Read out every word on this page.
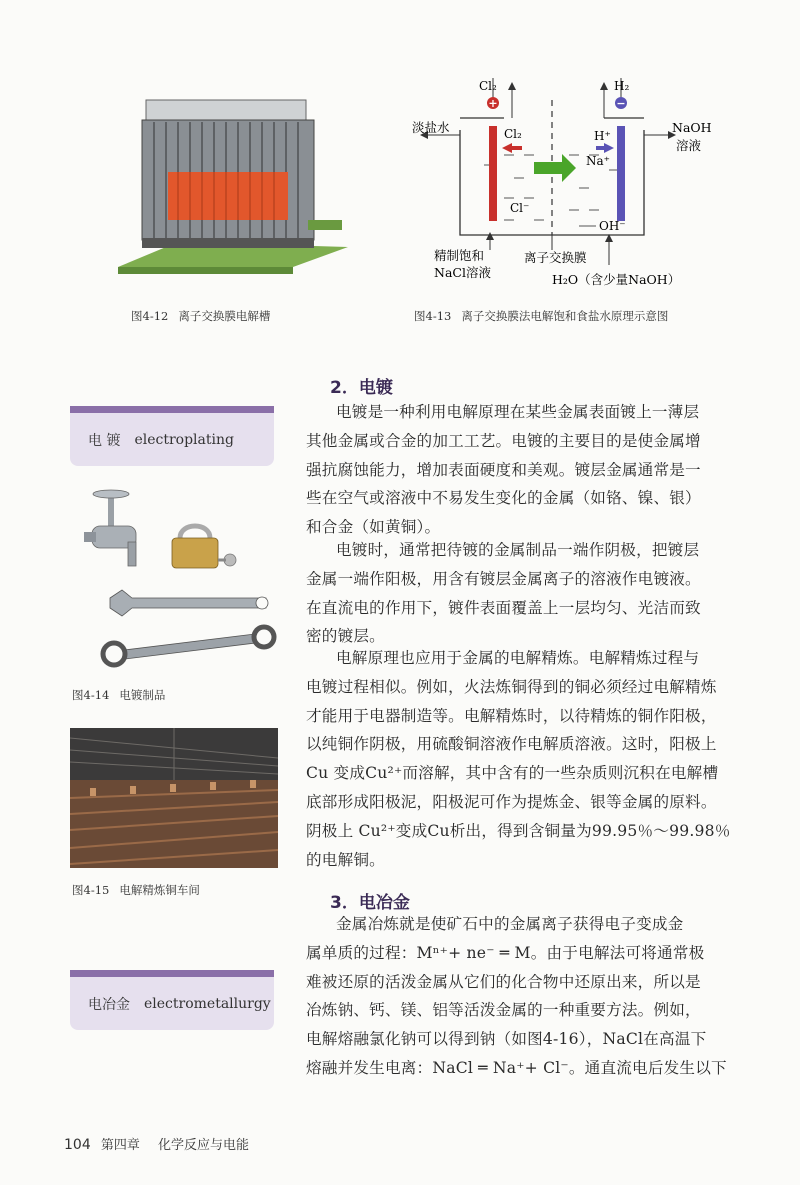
图4-12 离子交换膜电解槽
+	−
Cl₂	H₂
淡盐水	NaOH
溶液
Cl₂	H⁺
Na⁺
Cl⁻
OH⁻
精制饱和
NaCl溶液
离子交换膜
H₂O（含少量NaOH）
图4-13 离子交换膜法电解饱和食盐水原理示意图
电 镀 electroplating
图4-14 电镀制品
图4-15 电解精炼铜车间
电冶金 electrometallurgy
2．电镀
电镀是一种利用电解原理在某些金属表面镀上一薄层
其他金属或合金的加工工艺。电镀的主要目的是使金属增
强抗腐蚀能力，增加表面硬度和美观。镀层金属通常是一
些在空气或溶液中不易发生变化的金属（如铬、镍、银）
和合金（如黄铜）。
电镀时，通常把待镀的金属制品一端作阴极，把镀层
金属一端作阳极，用含有镀层金属离子的溶液作电镀液。
在直流电的作用下，镀件表面覆盖上一层均匀、光洁而致
密的镀层。
电解原理也应用于金属的电解精炼。电解精炼过程与
电镀过程相似。例如，火法炼铜得到的铜必须经过电解精炼
才能用于电器制造等。电解精炼时，以待精炼的铜作阳极，
以纯铜作阴极，用硫酸铜溶液作电解质溶液。这时，阳极上
Cu 变成Cu²⁺而溶解，其中含有的一些杂质则沉积在电解槽
底部形成阳极泥，阳极泥可作为提炼金、银等金属的原料。
阴极上 Cu²⁺变成Cu析出，得到含铜量为99.95％～99.98％
的电解铜。
3．电冶金
金属冶炼就是使矿石中的金属离子获得电子变成金
属单质的过程：Mⁿ⁺+ ne⁻ ═ M。由于电解法可将通常极
难被还原的活泼金属从它们的化合物中还原出来，所以是
冶炼钠、钙、镁、铝等活泼金属的一种重要方法。例如，
电解熔融氯化钠可以得到钠（如图4-16），NaCl在高温下
熔融并发生电离：NaCl ═ Na⁺+ Cl⁻。通直流电后发生以下
104 第四章 化学反应与电能
